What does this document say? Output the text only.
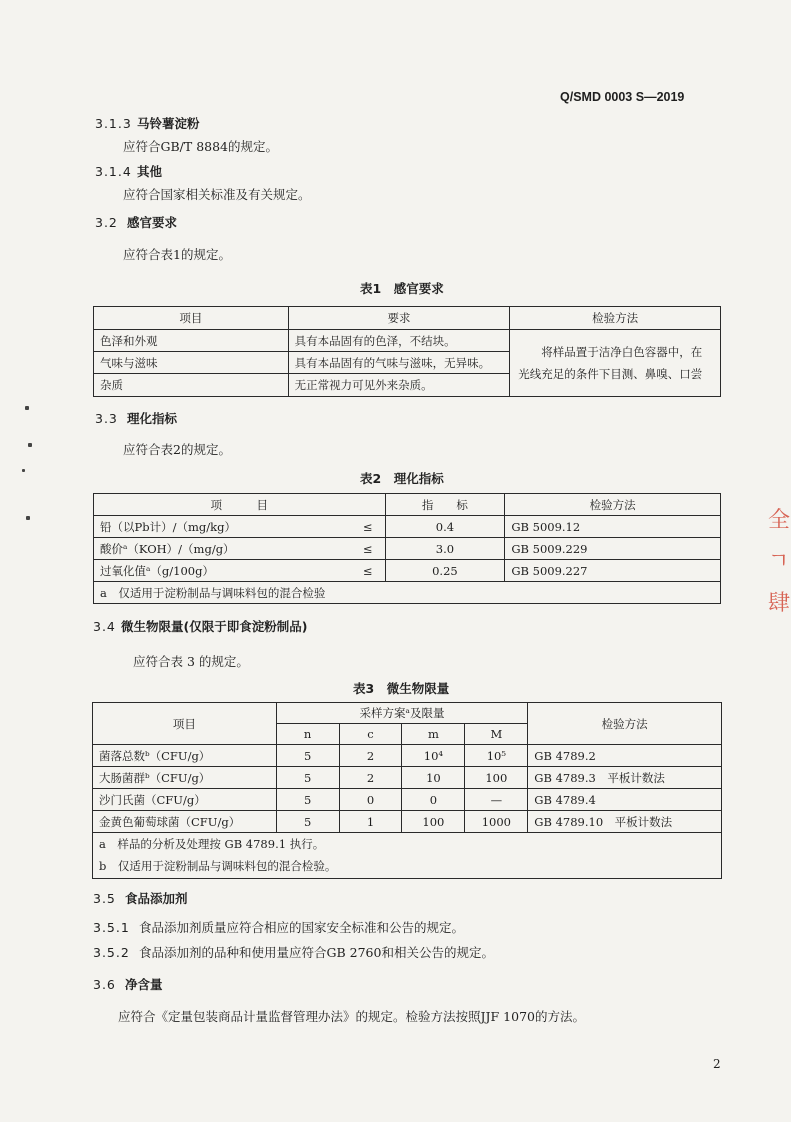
Q/SMD 0003 S—2019
3.1.3 马铃薯淀粉
应符合GB/T 8884的规定。
3.1.4 其他
应符合国家相关标准及有关规定。
3.2 感官要求
应符合表1的规定。
表1　感官要求
项目	要求	检验方法
色泽和外观	具有本品固有的色泽，不结块。	将样品置于洁净白色容器中，在光线充足的条件下目测、鼻嗅、口尝
气味与滋味	具有本品固有的气味与滋味，无异味。	
杂质	无正常视力可见外来杂质。	
3.3 理化指标
应符合表2的规定。
表2　理化指标
项　　　目		指　　标	检验方法
铅（以Pb计）/（mg/kg）	≤	0.4	GB 5009.12
酸价ᵃ（KOH）/（mg/g）	≤	3.0	GB 5009.229
过氧化值ᵃ（g/100g）	≤	0.25	GB 5009.227
a　仅适用于淀粉制品与调味料包的混合检验			
3.4 微生物限量(仅限于即食淀粉制品)
应符合表 3 的规定。
表3　微生物限量
项目	采样方案ᵃ及限量				检验方法
	n	c	m	M	
菌落总数ᵇ（CFU/g）	5	2	10⁴	10⁵	GB 4789.2
大肠菌群ᵇ（CFU/g）	5	2	10	100	GB 4789.3　平板计数法
沙门氏菌（CFU/g）	5	0	0	—	GB 4789.4
金黄色葡萄球菌（CFU/g）	5	1	100	1000	GB 4789.10　平板计数法
a　样品的分析及处理按 GB 4789.1 执行。					
b　仅适用于淀粉制品与调味料包的混合检验。					
3.5 食品添加剂
3.5.1 食品添加剂质量应符合相应的国家安全标准和公告的规定。
3.5.2 食品添加剂的品种和使用量应符合GB 2760和相关公告的规定。
3.6 净含量
应符合《定量包装商品计量监督管理办法》的规定。检验方法按照JJF 1070的方法。
2
全
ㄱ
肆
